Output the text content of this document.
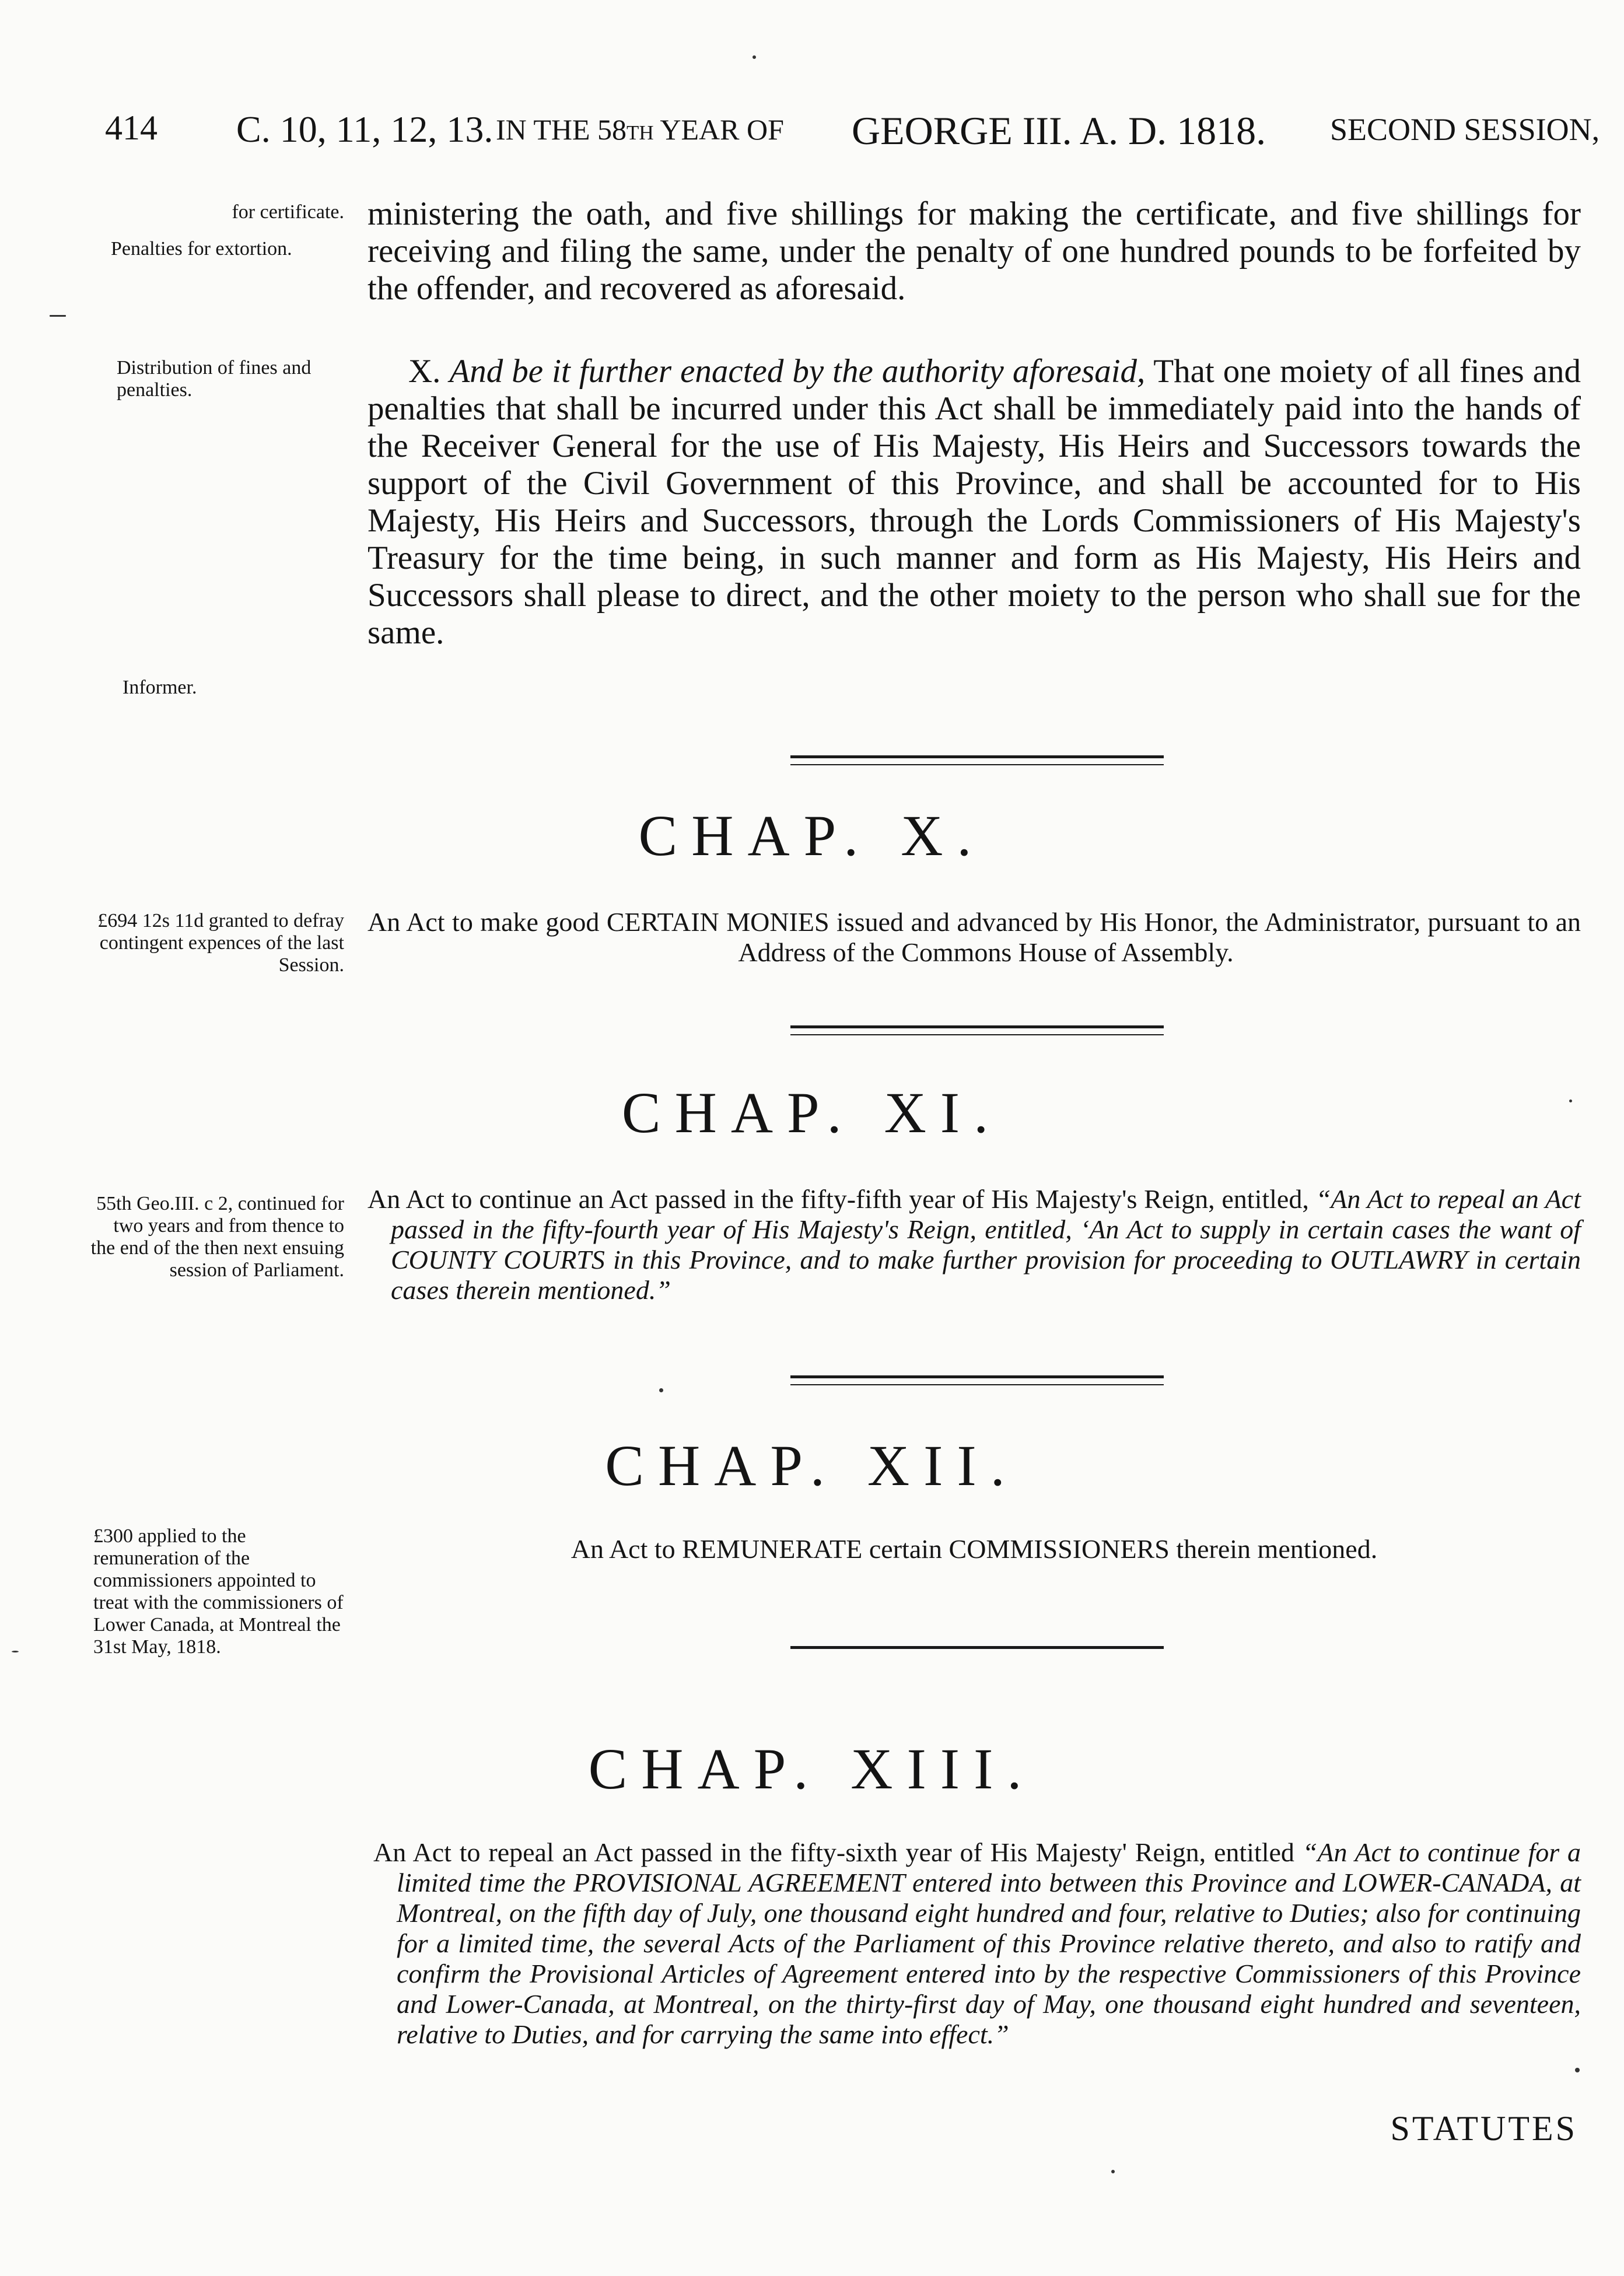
414 C. 10, 11, 12, 13. IN THE 58th YEAR OF GEORGE III. A. D. 1818. SECOND SESSION,
for certificate.
Penalties for extortion.
Distribution of fines and penalties.
Informer.
£694 12s 11d granted to defray contingent expences of the last Session.
55th Geo.III. c 2, continued for two years and from thence to the end of the then next ensuing session of Parliament.
£300 applied to the remuneration of the commissioners appointed to treat with the commissioners of Lower Canada, at Montreal the 31st May, 1818.
ministering the oath, and five shillings for making the certificate, and five shillings for receiving and filing the same, under the penalty of one hundred pounds to be forfeited by the offender, and recovered as aforesaid.
X. And be it further enacted by the authority aforesaid, That one moiety of all fines and penalties that shall be incurred under this Act shall be immediately paid into the hands of the Receiver General for the use of His Majesty, His Heirs and Successors towards the support of the Civil Government of this Province, and shall be accounted for to His Majesty, His Heirs and Successors, through the Lords Commissioners of His Majesty's Treasury for the time being, in such manner and form as His Majesty, His Heirs and Successors shall please to direct, and the other moiety to the person who shall sue for the same.
CHAP. X.
An Act to make good CERTAIN MONIES issued and advanced by His Honor, the Administrator, pursuant to an Address of the Commons House of Assembly.
CHAP. XI.
An Act to continue an Act passed in the fifty-fifth year of His Majesty's Reign, entitled, “An Act to repeal an Act passed in the fifty-fourth year of His Majesty's Reign, entitled, ‘An Act to supply in certain cases the want of COUNTY COURTS in this Province, and to make further provision for proceeding to OUTLAWRY in certain cases therein mentioned.”
CHAP. XII.
An Act to REMUNERATE certain COMMISSIONERS therein mentioned.
CHAP. XIII.
An Act to repeal an Act passed in the fifty-sixth year of His Majesty' Reign, entitled “An Act to continue for a limited time the PROVISIONAL AGREEMENT entered into between this Province and LOWER-CANADA, at Montreal, on the fifth day of July, one thousand eight hundred and four, relative to Duties; also for continuing for a limited time, the several Acts of the Parliament of this Province relative thereto, and also to ratify and confirm the Provisional Articles of Agreement entered into by the respective Commissioners of this Province and Lower-Canada, at Montreal, on the thirty-first day of May, one thousand eight hundred and seventeen, relative to Duties, and for carrying the same into effect.”
STATUTES
